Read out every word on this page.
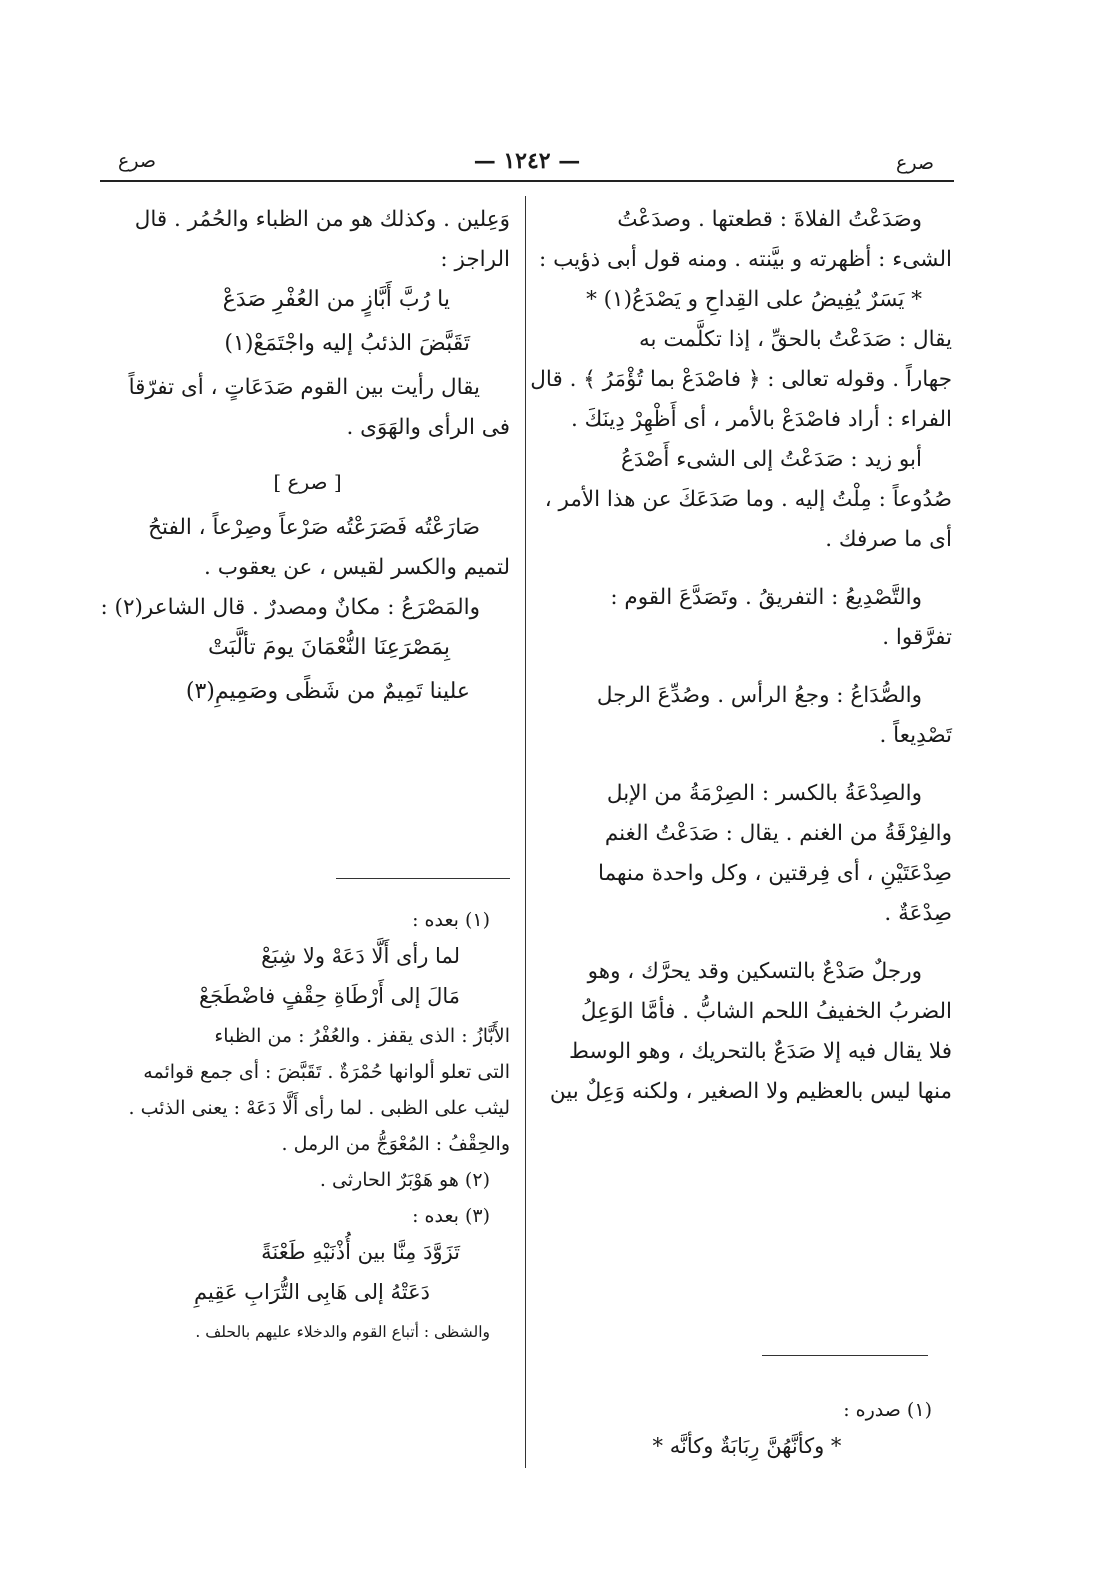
صرع
— ١٢٤٢ —
صرع
وصَدَعْتُ الفلاةَ : قطعتها . وصدَعْتُ
الشىء : أظهرته و بيَّنته . ومنه قول أبى ذؤيب :
* يَسَرٌ يُفِيضُ على القِداحِ و يَصْدَعُ(١) *
يقال : صَدَعْتُ بالحقِّ ، إذا تكلَّمت به
جهاراً . وقوله تعالى : ﴿ فاصْدَعْ بما تُؤْمَرُ ﴾ . قال
الفراء : أراد فاصْدَعْ بالأمر ، أى أَظْهِرْ دِينَكَ .
أبو زيد : صَدَعْتُ إلى الشىء أَصْدَعُ
صُدُوعاً : مِلْتُ إليه . وما صَدَعَكَ عن هذا الأمر ،
أى ما صرفك .
والتَّصْدِيعُ : التفريقُ . وتَصَدَّعَ القوم :
تفرَّقوا .
والصُّدَاعُ : وجعُ الرأس . وصُدِّعَ الرجل
تَصْدِيعاً .
والصِدْعَةُ بالكسر : الصِرْمَةُ من الإبل
والفِرْقَةُ من الغنم . يقال : صَدَعْتُ الغنم
صِدْعَتَيْنِ ، أى فِرقتين ، وكل واحدة منهما
صِدْعَةٌ .
ورجلٌ صَدْعٌ بالتسكين وقد يحرَّك ، وهو
الضربُ الخفيفُ اللحم الشابُّ . فأمَّا الوَعِلُ
فلا يقال فيه إلا صَدَعٌ بالتحريك ، وهو الوسط
منها ليس بالعظيم ولا الصغير ، ولكنه وَعِلٌ بين
(١) صدره :
* وكأنَّهُنَّ رِبَابَةٌ وكأنَّه *
وَعِلين . وكذلك هو من الظباء والحُمُر . قال
الراجز :
يا رُبَّ أَبَّازٍ من العُفْرِ صَدَعْ
تَقَبَّضَ الذئبُ إليه واجْتَمَعْ(١)
يقال رأيت بين القوم صَدَعَاتٍ ، أى تفرّقاً
فى الرأى والهَوَى .
[ صرع ]
صَارَعْتُه فَصَرَعْتُه صَرْعاً وصِرْعاً ، الفتحُ
لتميم والكسر لقيس ، عن يعقوب .
والمَصْرَعُ : مكانٌ ومصدرٌ . قال الشاعر(٢) :
بِمَصْرَعِنَا النُّعْمَانَ يومَ تألَّبَتْ
علينا تَمِيمٌ من شَظًى وصَمِيمِ(٣)
(١) بعده :
لما رأى أَلَّا دَعَهْ ولا شِبَعْ
مَالَ إلى أَرْطَاةِ حِقْفٍ فاضْطَجَعْ
الأَبَّازُ : الذى يقفز . والعُفْرُ : من الظباء
التى تعلو ألوانها حُمْرَةٌ . تَقَبَّضَ : أى جمع قوائمه
ليثب على الظبى . لما رأى أَلَّا دَعَهْ : يعنى الذئب .
والحِقْفُ : المُعْوَجُّ من الرمل .
(٢) هو هَوْبَرٌ الحارثى .
(٣) بعده :
تَزَوَّدَ مِنَّا بين أُذْنَيْهِ طَعْنَةً
دَعَتْهُ إلى هَابِى التُّرَابِ عَقِيمِ
والشظى : أتباع القوم والدخلاء عليهم بالحلف .
